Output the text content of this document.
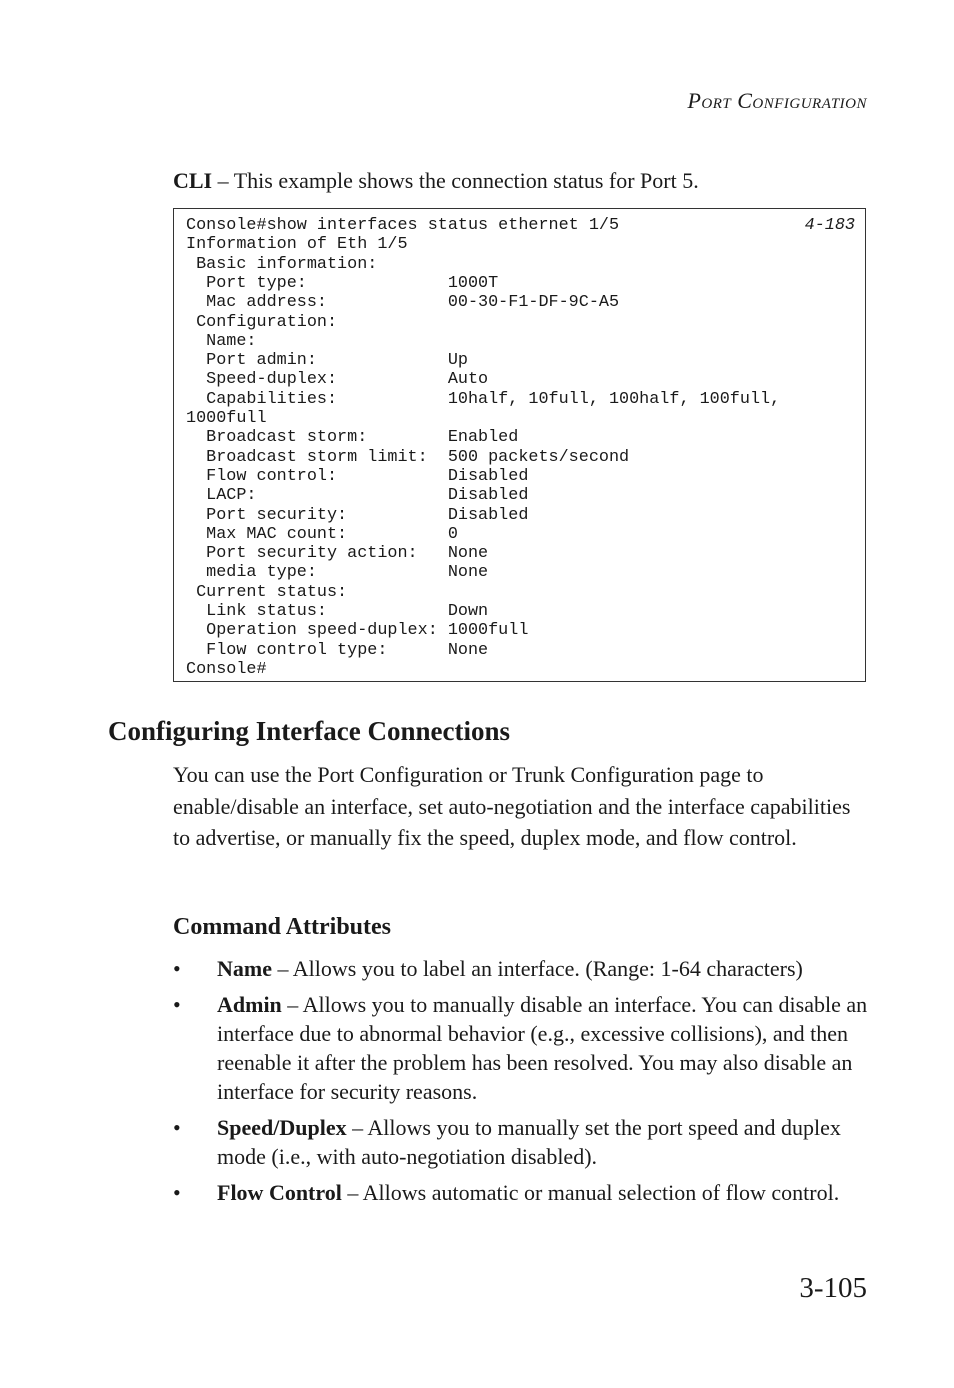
Port Configuration
CLI – This example shows the connection status for Port 5.
4-183
Console#show interfaces status ethernet 1/5
Information of Eth 1/5
Basic information:
Port type:              1000T
Mac address:            00-30-F1-DF-9C-A5
Configuration:
Name:
Port admin:             Up
Speed-duplex:           Auto
Capabilities:           10half, 10full, 100half, 100full,
1000full
Broadcast storm:        Enabled
Broadcast storm limit:  500 packets/second
Flow control:           Disabled
LACP:                   Disabled
Port security:          Disabled
Max MAC count:          0
Port security action:   None
media type:             None
Current status:
Link status:            Down
Operation speed-duplex: 1000full
Flow control type:      None
Console#
Configuring Interface Connections
You can use the Port Configuration or Trunk Configuration page to enable/disable an interface, set auto-negotiation and the interface capabilities to advertise, or manually fix the speed, duplex mode, and flow control.
Command Attributes
• Name – Allows you to label an interface. (Range: 1-64 characters)
• Admin – Allows you to manually disable an interface. You can disable an interface due to abnormal behavior (e.g., excessive collisions), and then reenable it after the problem has been resolved. You may also disable an interface for security reasons.
• Speed/Duplex – Allows you to manually set the port speed and duplex mode (i.e., with auto-negotiation disabled).
• Flow Control – Allows automatic or manual selection of flow control.
3-105
